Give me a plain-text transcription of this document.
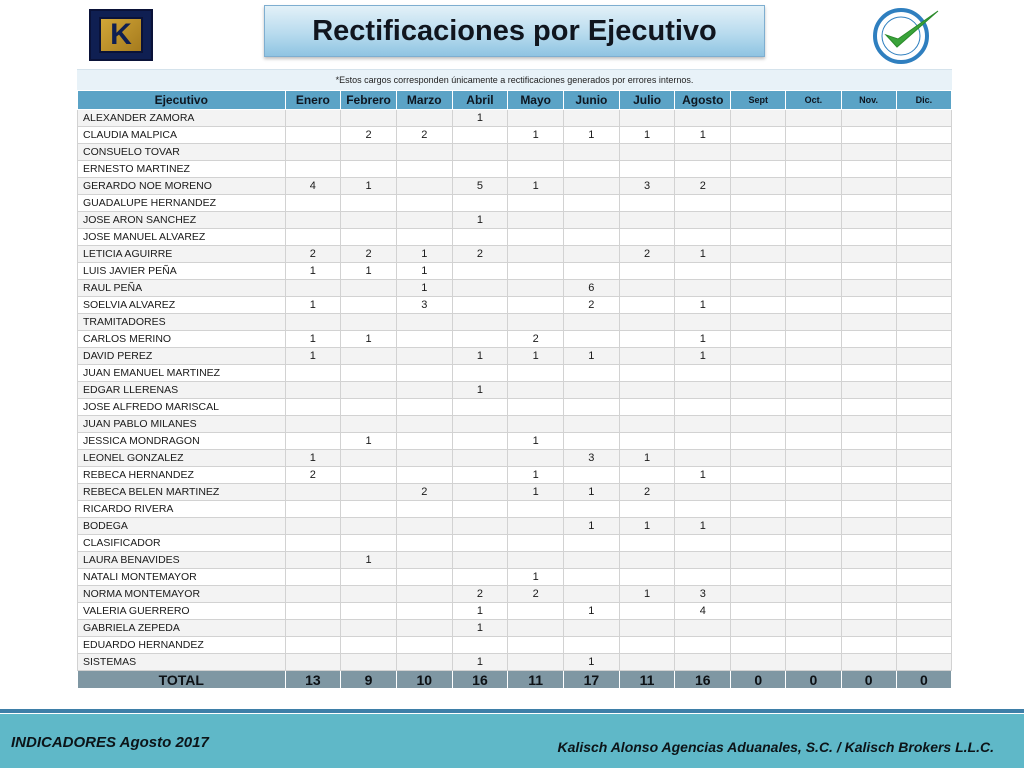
K	Rectificaciones por Ejecutivo
*Estos cargos corresponden únicamente a rectificaciones generados por errores internos.
Ejecutivo	Enero	Febrero	Marzo	Abril	Mayo	Junio	Julio	Agosto	Sept	Oct.	Nov.	Dic.
ALEXANDER ZAMORA				1								
CLAUDIA MALPICA		2	2		1	1	1	1				
CONSUELO TOVAR												
ERNESTO MARTINEZ												
GERARDO NOE MORENO	4	1		5	1		3	2				
GUADALUPE HERNANDEZ												
JOSE ARON SANCHEZ				1								
JOSE MANUEL ALVAREZ												
LETICIA AGUIRRE	2	2	1	2			2	1				
LUIS JAVIER PEÑA	1	1	1									
RAUL PEÑA			1			6						
SOELVIA ALVAREZ	1		3			2		1				
TRAMITADORES												
CARLOS MERINO	1	1			2			1				
DAVID PEREZ	1			1	1	1		1				
JUAN EMANUEL MARTINEZ												
EDGAR LLERENAS				1								
JOSE ALFREDO MARISCAL												
JUAN PABLO MILANES												
JESSICA MONDRAGON		1			1							
LEONEL GONZALEZ	1					3	1					
REBECA HERNANDEZ	2				1			1				
REBECA BELEN MARTINEZ			2		1	1	2					
RICARDO RIVERA												
BODEGA						1	1	1				
CLASIFICADOR												
LAURA BENAVIDES		1										
NATALI MONTEMAYOR					1							
NORMA MONTEMAYOR				2	2		1	3				
VALERIA GUERRERO				1		1		4				
GABRIELA ZEPEDA				1								
EDUARDO HERNANDEZ												
SISTEMAS				1		1						
TOTAL	13	9	10	16	11	17	11	16	0	0	0	0
INDICADORES Agosto 2017	Kalisch Alonso Agencias Aduanales, S.C. / Kalisch Brokers L.L.C.
